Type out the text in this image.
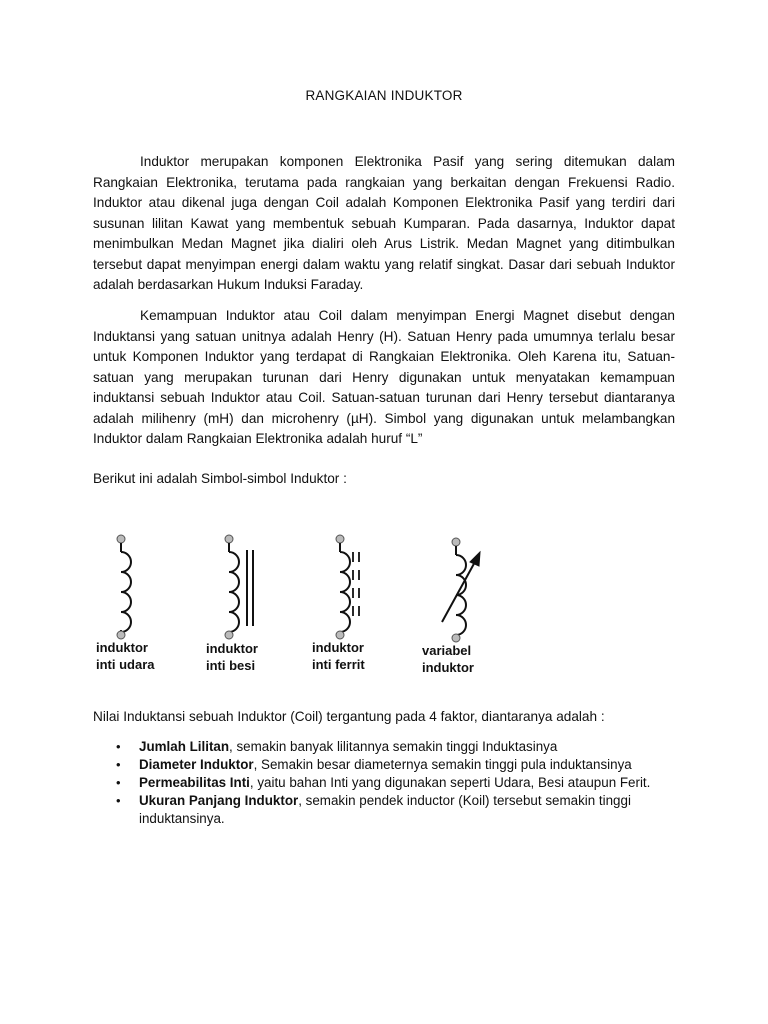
RANGKAIAN INDUKTOR

Induktor merupakan komponen Elektronika Pasif yang sering ditemukan dalam Rangkaian Elektronika, terutama pada rangkaian yang berkaitan dengan Frekuensi Radio. Induktor atau dikenal juga dengan Coil adalah Komponen Elektronika Pasif yang terdiri dari susunan lilitan Kawat yang membentuk sebuah Kumparan. Pada dasarnya, Induktor dapat menimbulkan Medan Magnet jika dialiri oleh Arus Listrik. Medan Magnet yang ditimbulkan tersebut dapat menyimpan energi dalam waktu yang relatif singkat. Dasar dari sebuah Induktor adalah berdasarkan Hukum Induksi Faraday.

Kemampuan Induktor atau Coil dalam menyimpan Energi Magnet disebut dengan Induktansi yang satuan unitnya adalah Henry (H). Satuan Henry pada umumnya terlalu besar untuk Komponen Induktor yang terdapat di Rangkaian Elektronika. Oleh Karena itu, Satuan-satuan yang merupakan turunan dari Henry digunakan untuk menyatakan kemampuan induktansi sebuah Induktor atau Coil. Satuan-satuan turunan dari Henry tersebut diantaranya adalah milihenry (mH) dan microhenry (µH). Simbol yang digunakan untuk melambangkan Induktor dalam Rangkaian Elektronika adalah huruf “L”

Berikut ini adalah Simbol-simbol Induktor :

induktor
inti udara
induktor
inti besi
induktor
inti ferrit
variabel
induktor

Nilai Induktansi sebuah Induktor (Coil) tergantung pada 4 faktor, diantaranya adalah :

• Jumlah Lilitan, semakin banyak lilitannya semakin tinggi Induktasinya
• Diameter Induktor, Semakin besar diameternya semakin tinggi pula induktansinya
• Permeabilitas Inti, yaitu bahan Inti yang digunakan seperti Udara, Besi ataupun Ferit.
• Ukuran Panjang Induktor, semakin pendek inductor (Koil) tersebut semakin tinggi induktansinya.
